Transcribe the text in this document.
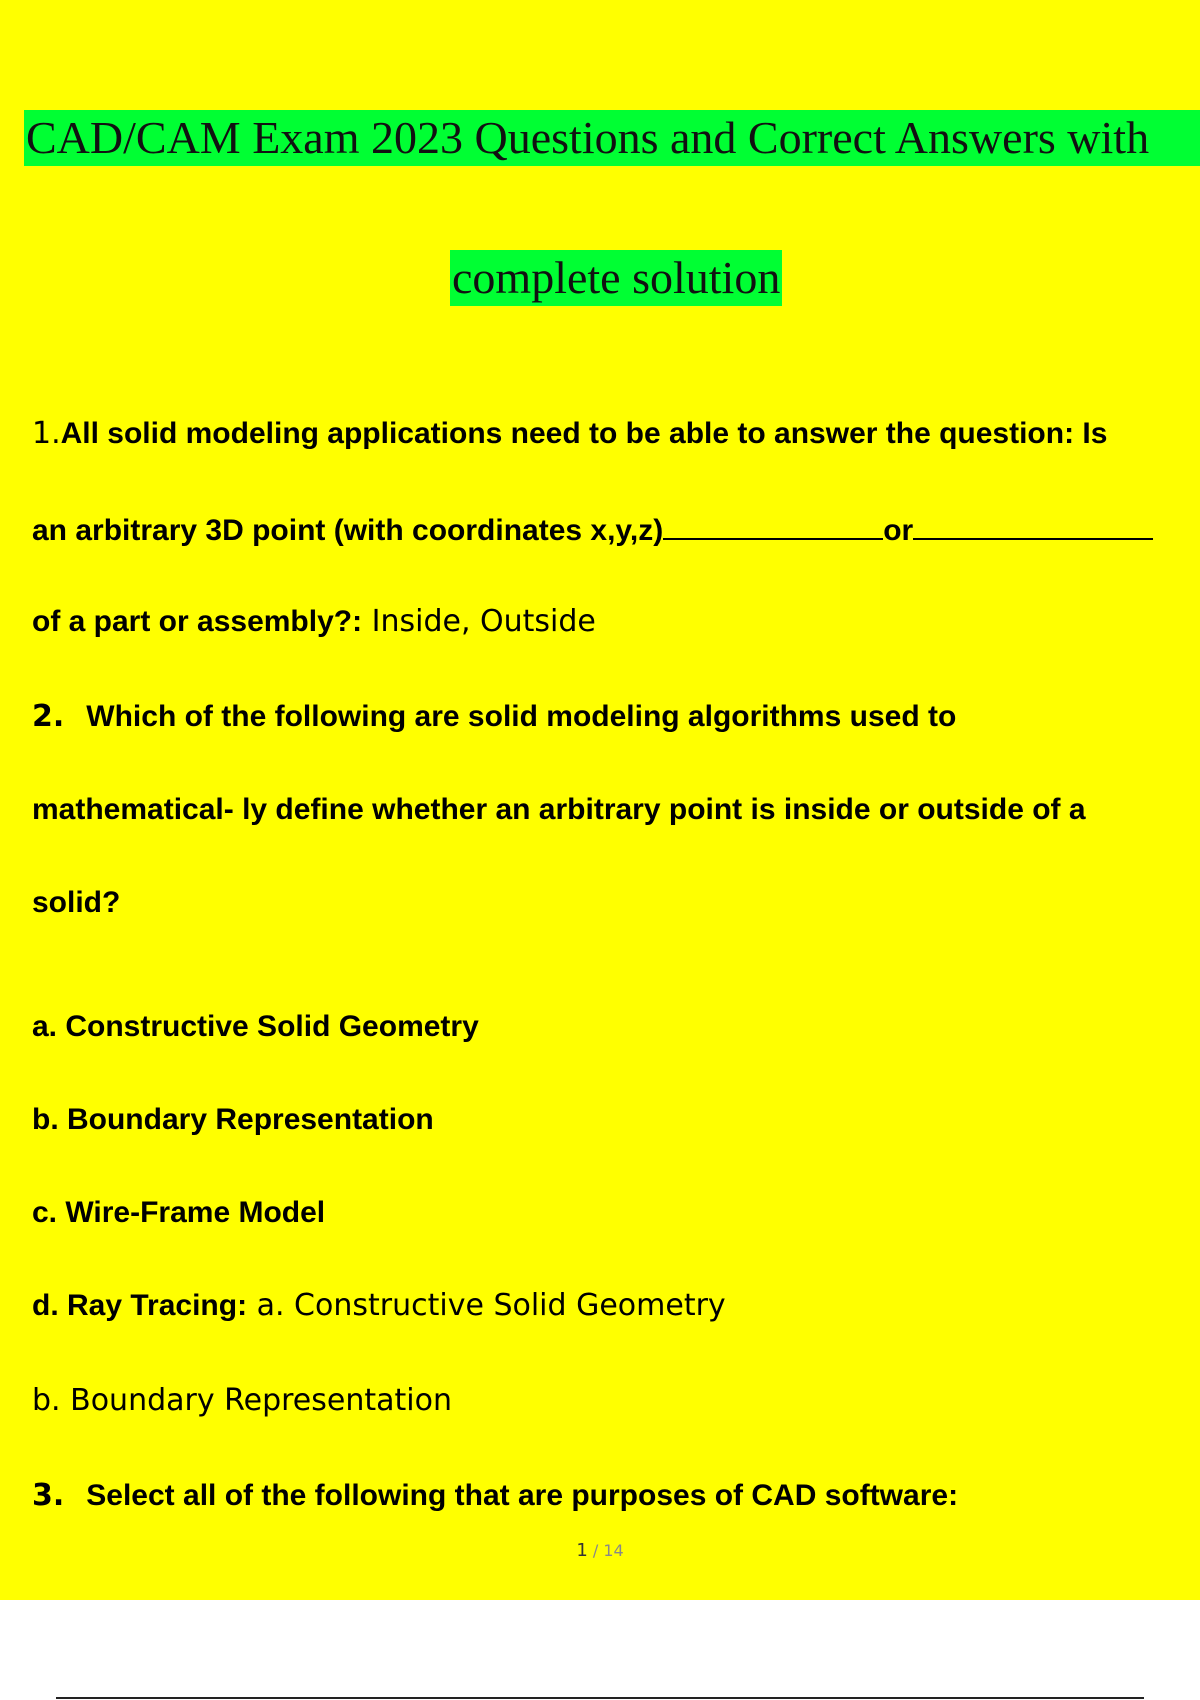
CAD/CAM Exam 2023 Questions and Correct Answers with
complete solution
1.All solid modeling applications need to be able to answer the question: Is
an arbitrary 3D point (with coordinates x,y,z)	or
of a part or assembly?: Inside, Outside
2. Which of the following are solid modeling algorithms used to
mathematical- ly define whether an arbitrary point is inside or outside of a
solid?
a. Constructive Solid Geometry
b. Boundary Representation
c. Wire-Frame Model
d. Ray Tracing: a. Constructive Solid Geometry
b. Boundary Representation
3. Select all of the following that are purposes of CAD software:
1 / 14
